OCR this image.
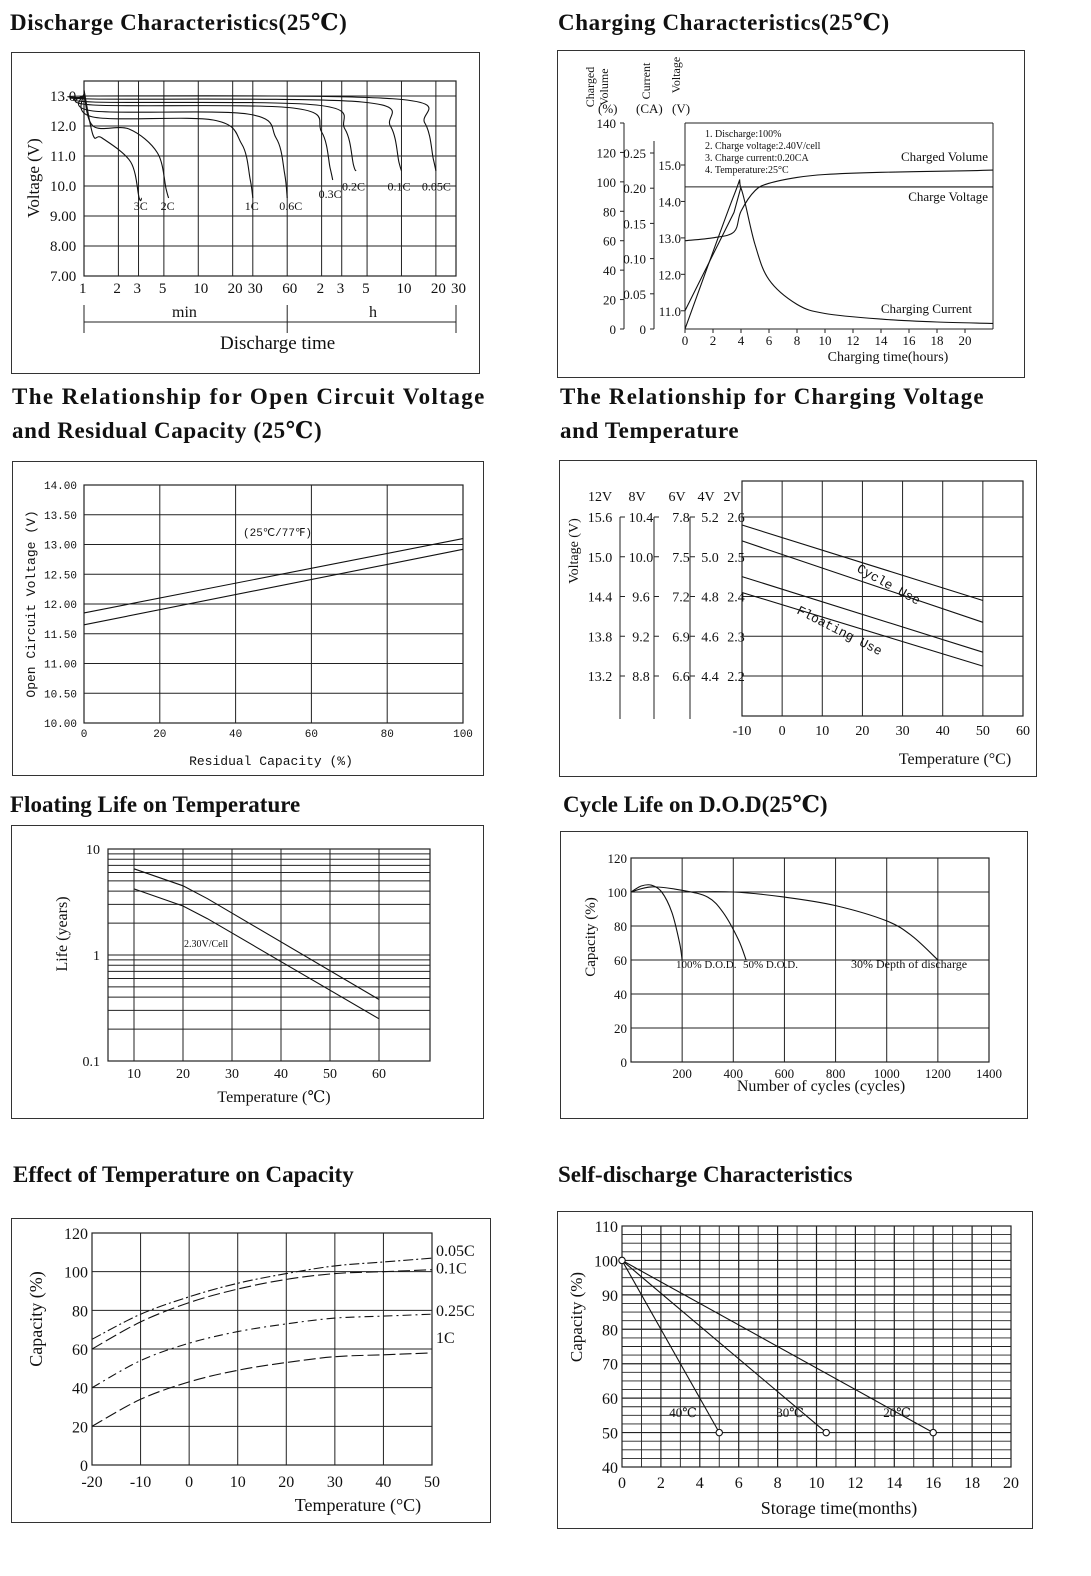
Discharge Characteristics(25℃)	Charging Characteristics(25℃)
The Relationship for Open Circuit Voltage
and Residual Capacity (25℃)
The Relationship for Charging Voltage
and Temperature
Floating Life on Temperature	Cycle Life on D.O.D(25℃)
Effect of Temperature on Capacity	Self-discharge Characteristics
13.0
12.0
11.0
10.0
9.00
8.00
7.00
1 2 3 5 10 20 30 60 2 3 5 10 20 30
Voltage (V)
min	h
Discharge time
3C 2C	1C 0.6C
0.3C
0.2C 0.1C 0.05C
Charged Volume
(%)
Current
(CA)
Voltage
(V)
140
120
100
80
60
40
20
0
0.25
0.20
0.15
0.10
0.05
0
15.0
14.0
13.0
12.0
11.0
0 2 4 6 8 10 12 14 16 18 20
Charging time(hours)
1. Discharge:100%
2. Charge voltage:2.40V/cell
3. Charge current:0.20CA
4. Temperature:25°C
Charged Volume
Charge Voltage
Charging Current
14.00
13.50
13.00
12.50
12.00
11.50
11.00
10.50
10.00
0	20	40	60	80	100
Open Circuit Voltage (V)
Residual Capacity (%)
(25℃/77℉)
12V 8V 6V 4V 2V
15.6 10.4 7.8 5.2 2.6
15.0 10.0 7.5 5.0 2.5
14.4 9.6 7.2 4.8 2.4
13.8 9.2 6.9 4.6 2.3
13.2 8.8 6.6 4.4 2.2
Voltage (V)
-10 0 10 20 30 40 50 60
Temperature (°C)
Cycle Use
Floating Use
10
1
0.1
10	20	30	40	50	60
Life (years)
Temperature (℃)
2.30V/Cell
120
100
80
60
40
20
0
200 400 600 800 1000 1200 1400
Capacity (%)
Number of cycles (cycles)
100% D.O.D. 50% D.O.D.	30% Depth of discharge
120
100
80
60
40
20
0
-20 -10 0 10 20 30 40 50
Capacity (%)
Temperature (°C)
0.05C
0.1C
0.25C
1C
110
100
90
80
70
60
50
40
0 2 4 6 8 10 12 14 16 18 20
Capacity (%)
Storage time(months)
40℃	30℃	20℃
